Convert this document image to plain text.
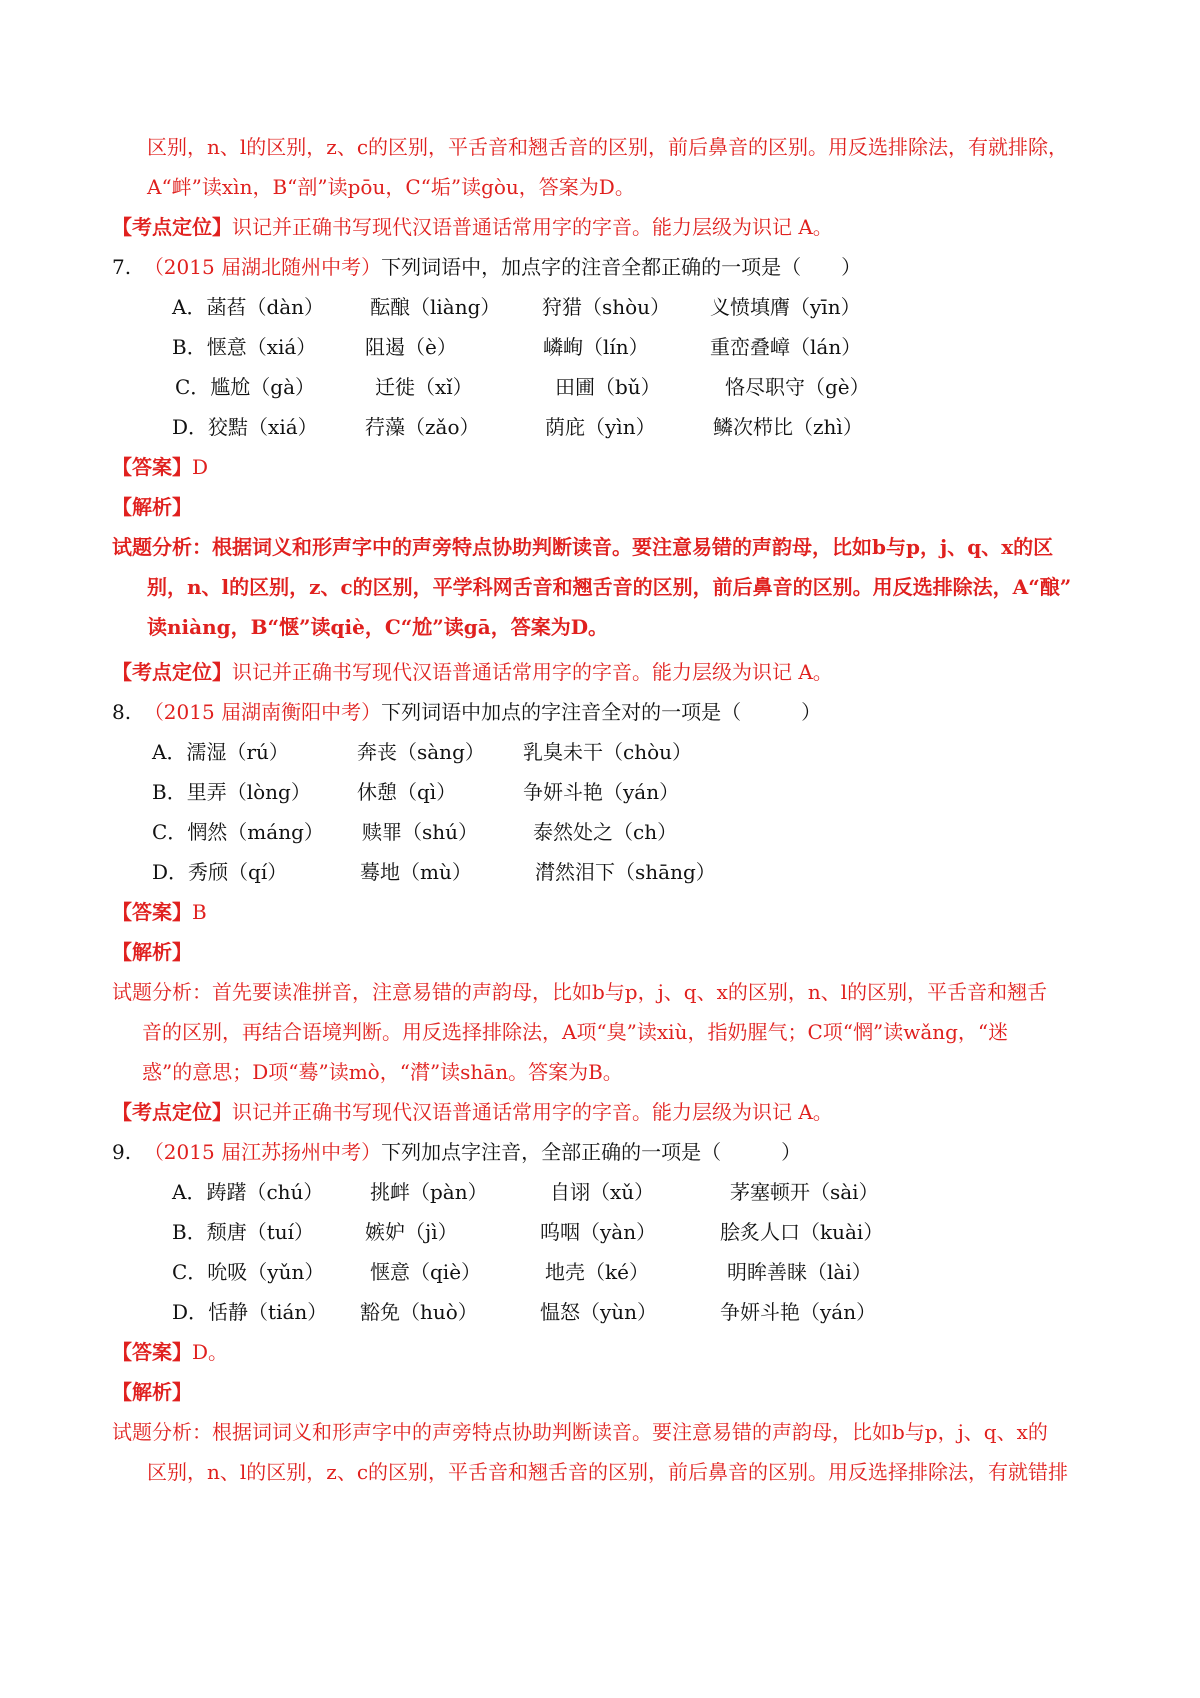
区别，n、l的区别，z、c的区别，平舌音和翘舌音的区别，前后鼻音的区别。用反选排除法，有就排除，
A“衅”读xìn，B“剖”读pōu，C“垢”读gòu，答案为D。
【考点定位】识记并正确书写现代汉语普通话常用字的字音。能力层级为识记 A。
7. （2015 届湖北随州中考）下列词语中，加点字的注音全都正确的一项是（　　）
A．菡萏（dàn） 酝酿（liàng） 狩猎（shòu） 义愤填膺（yīn）
B．惬意（xiá） 阻遏（è）	嶙峋（lín）	重峦叠嶂（lán）
C．尴尬（gà）	迁徙（xǐ）	田圃（bǔ）	恪尽职守（gè）
D．狡黠（xiá） 荇藻（zǎo）	荫庇（yìn）	鳞次栉比（zhì）
【答案】D
【解析】
试题分析：根据词义和形声字中的声旁特点协助判断读音。要注意易错的声韵母，比如b与p，j、q、x的区
别，n、l的区别，z、c的区别，平学科网舌音和翘舌音的区别，前后鼻音的区别。用反选排除法，A“酿”
读niàng，B“惬”读qiè，C“尬”读gā，答案为D。
【考点定位】识记并正确书写现代汉语普通话常用字的字音。能力层级为识记 A。
8. （2015 届湖南衡阳中考）下列词语中加点的字注音全对的一项是（　　　）
A．濡湿（rú）	奔丧（sàng） 乳臭未干（chòu）
B．里弄（lòng） 休憩（qì）	争妍斗艳（yán）
C．惘然（máng） 赎罪（shú）	泰然处之（ch）
D．秀颀（qí）	蓦地（mù）	潸然泪下（shāng）
【答案】B
【解析】
试题分析：首先要读准拼音，注意易错的声韵母，比如b与p，j、q、x的区别，n、l的区别，平舌音和翘舌
音的区别，再结合语境判断。用反选择排除法，A项“臭”读xiù，指奶腥气；C项“惘”读wǎng，“迷
惑”的意思；D项“蓦”读mò，“潸”读shān。答案为B。
【考点定位】识记并正确书写现代汉语普通话常用字的字音。能力层级为识记 A。
9. （2015 届江苏扬州中考）下列加点字注音，全部正确的一项是（　　　）
A．踌躇（chú） 挑衅（pàn）	自诩（xǔ）	茅塞顿开（sài）
B．颓唐（tuí）	嫉妒（jì）	呜咽（yàn）	脍炙人口（kuài）
C．吮吸（yǔn） 惬意（qiè）	地壳（ké）	明眸善睐（lài）
D．恬静（tián） 豁免（huò）	愠怒（yùn）	争妍斗艳（yán）
【答案】D。
【解析】
试题分析：根据词词义和形声字中的声旁特点协助判断读音。要注意易错的声韵母，比如b与p，j、q、x的
区别，n、l的区别，z、c的区别，平舌音和翘舌音的区别，前后鼻音的区别。用反选择排除法，有就错排
